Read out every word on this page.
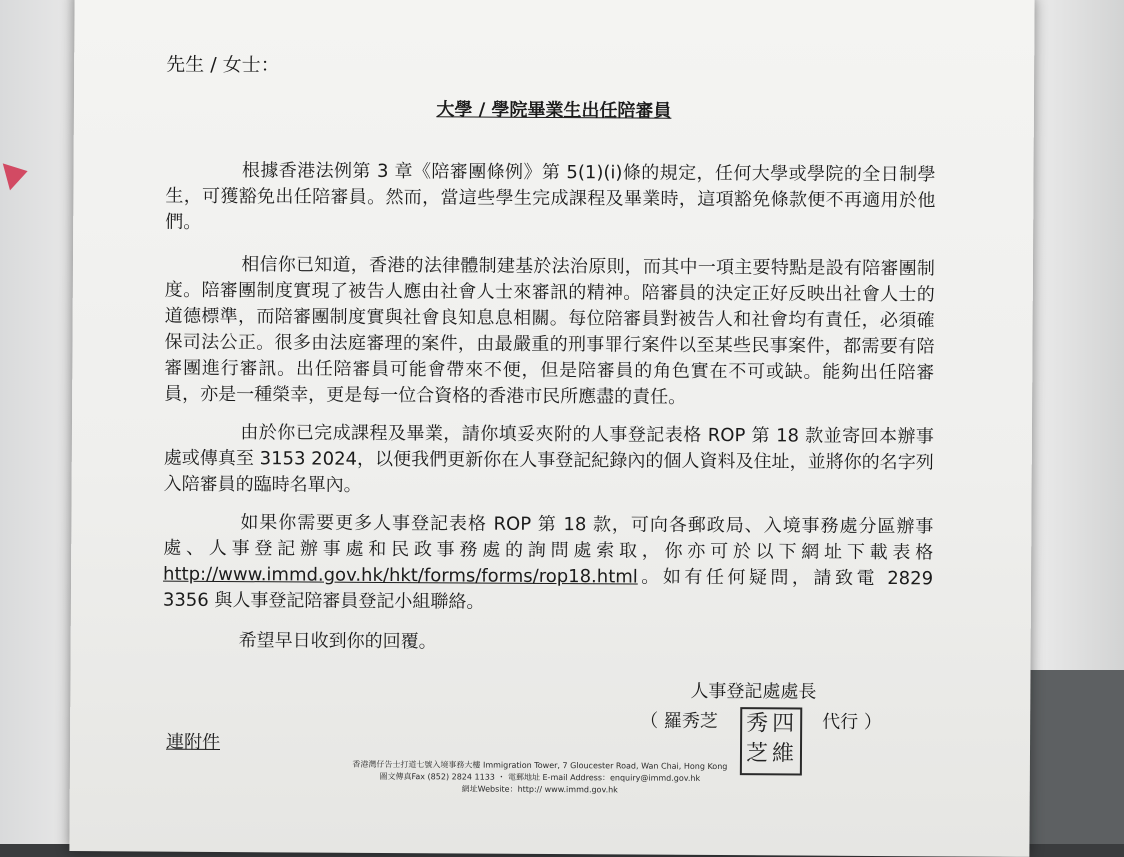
先生 / 女士：
大學 / 學院畢業生出任陪審員
根據香港法例第 3 章《陪審團條例》第 5(1)(i)條的規定，任何大學或學院的全日制學生，可獲豁免出任陪審員。然而，當這些學生完成課程及畢業時，這項豁免條款便不再適用於他們。
相信你已知道，香港的法律體制建基於法治原則，而其中一項主要特點是設有陪審團制度。陪審團制度實現了被告人應由社會人士來審訊的精神。陪審員的決定正好反映出社會人士的道德標準，而陪審團制度實與社會良知息息相關。每位陪審員對被告人和社會均有責任，必須確保司法公正。很多由法庭審理的案件，由最嚴重的刑事罪行案件以至某些民事案件，都需要有陪審團進行審訊。出任陪審員可能會帶來不便，但是陪審員的角色實在不可或缺。能夠出任陪審員，亦是一種榮幸，更是每一位合資格的香港市民所應盡的責任。
由於你已完成課程及畢業，請你填妥夾附的人事登記表格 ROP 第 18 款並寄回本辦事處或傳真至 3153 2024，以便我們更新你在人事登記紀錄內的個人資料及住址，並將你的名字列入陪審員的臨時名單內。
如果你需要更多人事登記表格 ROP 第 18 款，可向各郵政局、入境事務處分區辦事處、人事登記辦事處和民政事務處的詢問處索取，你亦可於以下網址下載表格http://www.immd.gov.hk/hkt/forms/forms/rop18.html。如有任何疑問，請致電 2829 3356 與人事登記陪審員登記小組聯絡。
希望早日收到你的回覆。
人事登記處處長
（ 羅秀芝 四
維
秀
芝
代行 ）
連附件
香港灣仔告士打道七號入境事務大樓 Immigration Tower, 7 Gloucester Road, Wan Chai, Hong Kong
圖文傳真Fax (852) 2824 1133 ・ 電郵地址 E-mail Address：enquiry@immd.gov.hk
網址Website：http:// www.immd.gov.hk
